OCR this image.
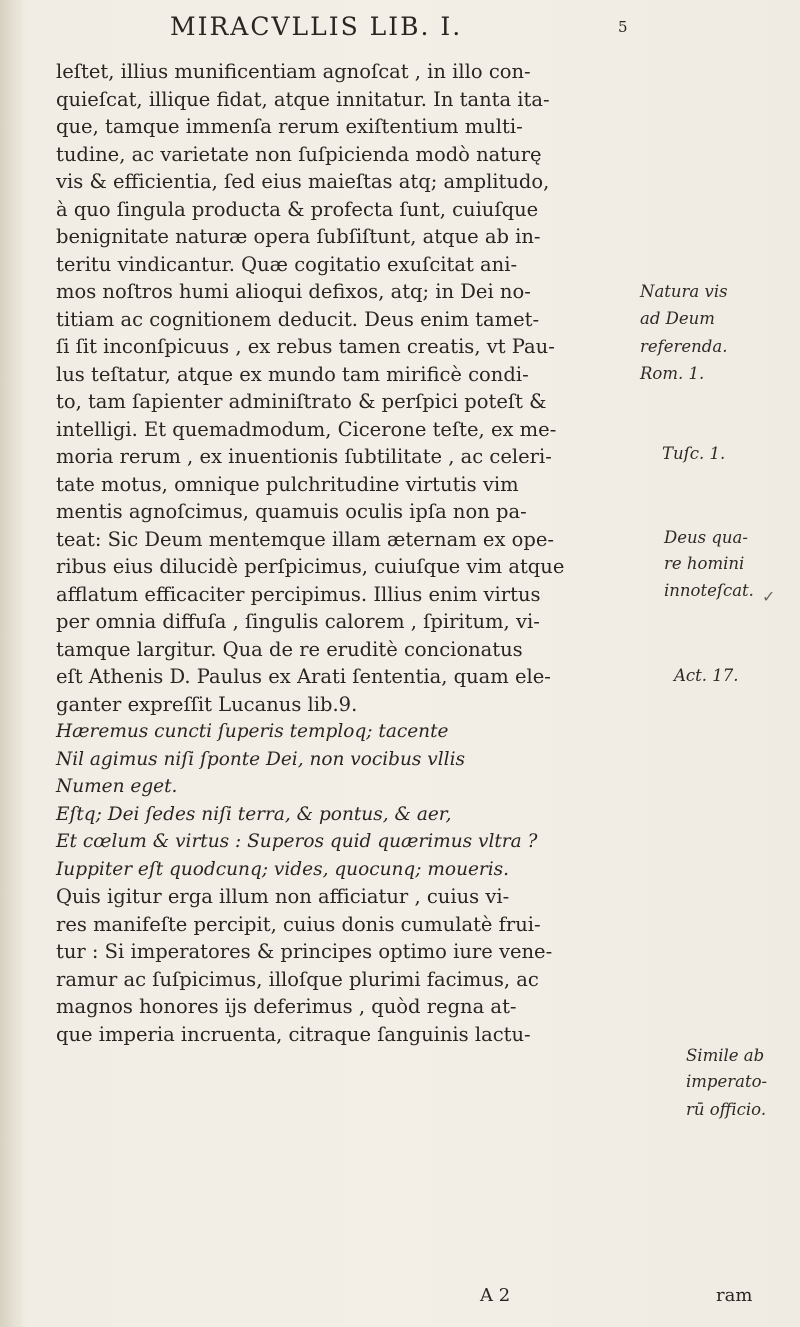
MIRACVLLIS LIB. I.	5
leſtet, illius munificentiam agnoſcat , in illo con-
quieſcat, illique fidat, atque innitatur. In tanta ita-
que, tamque immenſa rerum exiſtentium multi-
tudine, ac varietate non ſuſpicienda modò naturę
vis & efficientia, ſed eius maieſtas atq; amplitudo,
à quo ſingula producta & profecta ſunt, cuiuſque
benignitate naturæ opera ſubſiſtunt, atque ab in-
teritu vindicantur. Quæ cogitatio exuſcitat ani-
mos noſtros humi alioqui defixos, atq; in Dei no-
titiam ac cognitionem deducit. Deus enim tamet-
ſi ſit inconſpicuus , ex rebus tamen creatis, vt Pau-
lus teſtatur, atque ex mundo tam mirificè condi-
to, tam ſapienter adminiſtrato & perſpici poteſt &
intelligi. Et quemadmodum, Cicerone teſte, ex me-
moria rerum , ex inuentionis ſubtilitate , ac celeri-
tate motus, omnique pulchritudine virtutis vim
mentis agnoſcimus, quamuis oculis ipſa non pa-
teat: Sic Deum mentemque illam æternam ex ope-
ribus eius dilucidè perſpicimus, cuiuſque vim atque
afflatum efficaciter percipimus. Illius enim virtus
per omnia diffuſa , ſingulis calorem , ſpiritum, vi-
tamque largitur. Qua de re eruditè concionatus
eſt Athenis D. Paulus ex Arati ſententia, quam ele-
ganter expreſſit Lucanus lib.9.
Hæremus cuncti ſuperis temploq; tacente
Nil agimus niſi ſponte Dei, non vocibus vllis
Numen eget.
Eſtq; Dei ſedes niſi terra, & pontus, & aer,
Et cœlum & virtus : Superos quid quærimus vltra ?
Iuppiter eſt quodcunq; vides, quocunq; moueris.
Quis igitur erga illum non afficiatur , cuius vi-
res manifeſte percipit, cuius donis cumulatè frui-
tur : Si imperatores & principes optimo iure vene-
ramur ac ſuſpicimus, illoſque plurimi facimus, ac
magnos honores ijs deferimus , quòd regna at-
que imperia incruenta, citraque ſanguinis lactu-
Natura vis
ad Deum
referenda.
Rom. 1.
Tuſc. 1.
Deus qua-
re homini
innoteſcat.
Act. 17.
Simile ab
imperato-
rū officio.
✓
A 2	ram
